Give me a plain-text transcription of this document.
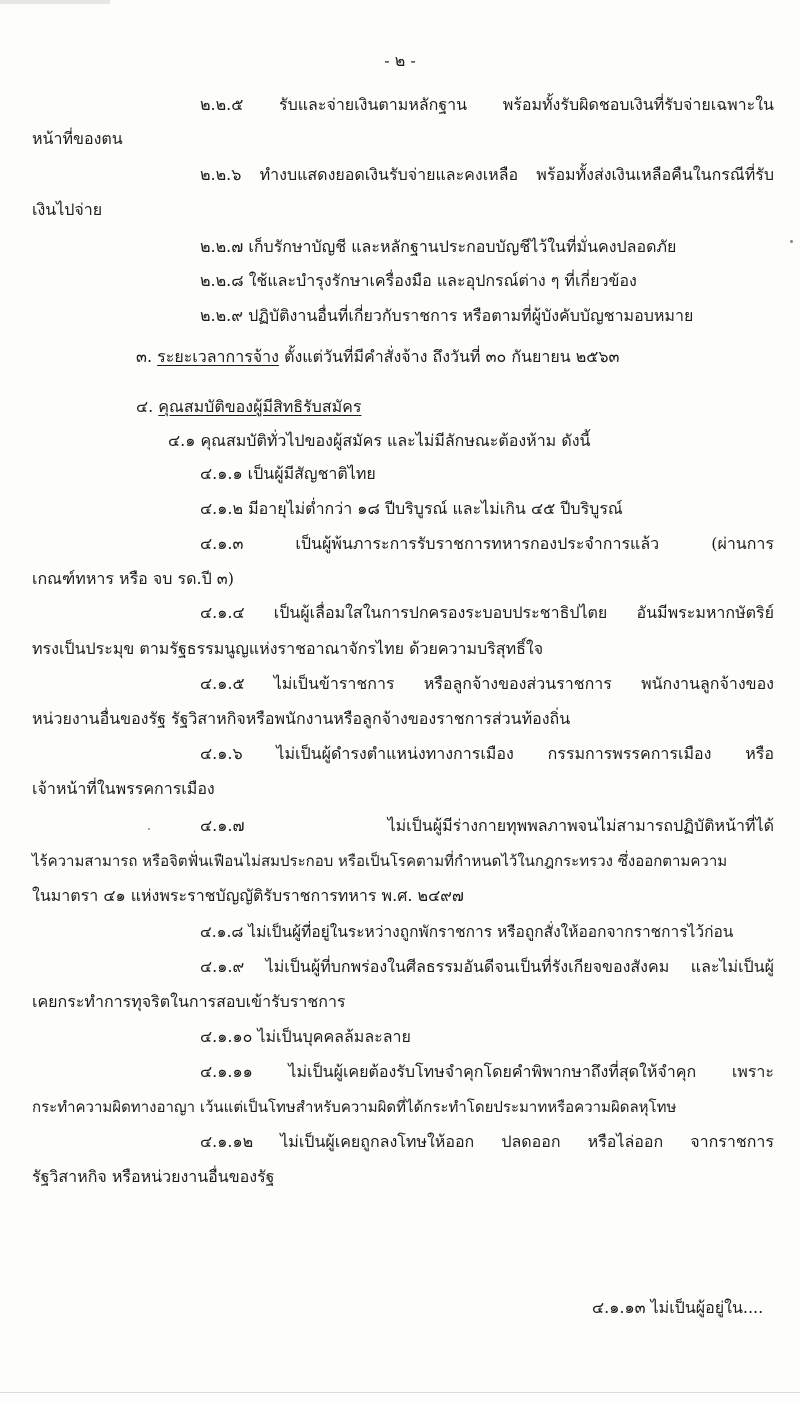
- ๒ -
๒.๒.๕ รับและจ่ายเงินตามหลักฐาน พร้อมทั้งรับผิดชอบเงินที่รับจ่ายเฉพาะใน
หน้าที่ของตน
๒.๒.๖ ทำงบแสดงยอดเงินรับจ่ายและคงเหลือ พร้อมทั้งส่งเงินเหลือคืนในกรณีที่รับ
เงินไปจ่าย
๒.๒.๗ เก็บรักษาบัญชี และหลักฐานประกอบบัญชีไว้ในที่มั่นคงปลอดภัย
๒.๒.๘ ใช้และบำรุงรักษาเครื่องมือ และอุปกรณ์ต่าง ๆ ที่เกี่ยวข้อง
๒.๒.๙ ปฏิบัติงานอื่นที่เกี่ยวกับราชการ หรือตามที่ผู้บังคับบัญชามอบหมาย
๓. ระยะเวลาการจ้าง ตั้งแต่วันที่มีคำสั่งจ้าง ถึงวันที่ ๓๐ กันยายน ๒๕๖๓
๔. คุณสมบัติของผู้มีสิทธิรับสมัคร
๔.๑ คุณสมบัติทั่วไปของผู้สมัคร และไม่มีลักษณะต้องห้าม ดังนี้
๔.๑.๑ เป็นผู้มีสัญชาติไทย
๔.๑.๒ มีอายุไม่ต่ำกว่า ๑๘ ปีบริบูรณ์ และไม่เกิน ๔๕ ปีบริบูรณ์
๔.๑.๓ เป็นผู้พ้นภาระการรับราชการทหารกองประจำการแล้ว (ผ่านการ
เกณฑ์ทหาร หรือ จบ รด.ปี ๓)
๔.๑.๔ เป็นผู้เลื่อมใสในการปกครองระบอบประชาธิปไตย อันมีพระมหากษัตริย์
ทรงเป็นประมุข ตามรัฐธรรมนูญแห่งราชอาณาจักรไทย ด้วยความบริสุทธิ์ใจ
๔.๑.๕ ไม่เป็นข้าราชการ หรือลูกจ้างของส่วนราชการ พนักงานลูกจ้างของ
หน่วยงานอื่นของรัฐ รัฐวิสาหกิจหรือพนักงานหรือลูกจ้างของราชการส่วนท้องถิ่น
๔.๑.๖ ไม่เป็นผู้ดำรงตำแหน่งทางการเมือง กรรมการพรรคการเมือง หรือ
เจ้าหน้าที่ในพรรคการเมือง
๔.๑.๗ ไม่เป็นผู้มีร่างกายทุพพลภาพจนไม่สามารถปฏิบัติหน้าที่ได้
ไร้ความสามารถ หรือจิตฟั่นเฟือนไม่สมประกอบ หรือเป็นโรคตามที่กำหนดไว้ในกฎกระทรวง ซึ่งออกตามความ
ในมาตรา ๔๑ แห่งพระราชบัญญัติรับราชการทหาร พ.ศ. ๒๔๙๗
๔.๑.๘ ไม่เป็นผู้ที่อยู่ในระหว่างถูกพักราชการ หรือถูกสั่งให้ออกจากราชการไว้ก่อน
๔.๑.๙ ไม่เป็นผู้ที่บกพร่องในศีลธรรมอันดีจนเป็นที่รังเกียจของสังคม และไม่เป็นผู้
เคยกระทำการทุจริตในการสอบเข้ารับราชการ
๔.๑.๑๐ ไม่เป็นบุคคลล้มละลาย
๔.๑.๑๑ ไม่เป็นผู้เคยต้องรับโทษจำคุกโดยคำพิพากษาถึงที่สุดให้จำคุก เพราะ
กระทำความผิดทางอาญา เว้นแต่เป็นโทษสำหรับความผิดที่ได้กระทำโดยประมาทหรือความผิดลหุโทษ
๔.๑.๑๒ ไม่เป็นผู้เคยถูกลงโทษให้ออก ปลดออก หรือไล่ออก จากราชการ
รัฐวิสาหกิจ หรือหน่วยงานอื่นของรัฐ
๔.๑.๑๓ ไม่เป็นผู้อยู่ใน....
